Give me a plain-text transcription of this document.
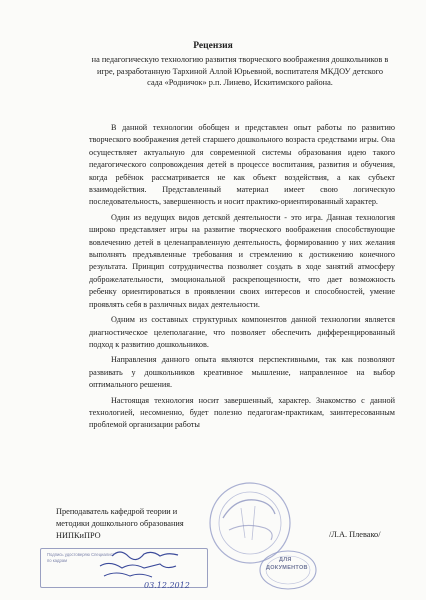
Рецензия
на педагогическую технологию развития творческого воображения дошкольников в игре, разработанную Тархиной Аллой Юрьевной, воспитателя МКДОУ детского сада «Родничок» р.п. Линево, Искитимского района.

В данной технологии обобщен и представлен опыт работы по развитию творческого воображения детей старшего дошкольного возраста средствами игры. Она осуществляет актуальную для современной системы образования идею такого педагогического сопровождения детей в процессе воспитания, развития и обучения, когда ребёнок рассматривается не как объект воздействия, а как субъект взаимодействия. Представленный материал имеет свою логическую последовательность, завершенность и носит практико-ориентированный характер.

Один из ведущих видов детской деятельности - это игра. Данная технология широко представляет игры на развитие творческого воображения способствующие вовлечению детей в целенаправленную деятельность, формированию у них желания выполнять предъявленные требования и стремлению к достижению конечного результата. Принцип сотрудничества позволяет создать в ходе занятий атмосферу доброжелательности, эмоциональной раскрепощенности, что дает возможность ребенку ориентироваться в проявлении своих интересов и способностей, умение проявлять себя в различных видах деятельности.

Одним из составных структурных компонентов данной технологии является диагностическое целеполагание, что позволяет обеспечить дифференцированный подход к развитию дошкольников.

Направления данного опыта являются перспективными, так как позволяют развивать у дошкольников креативное мышление, направленное на выбор оптимального решения.

Настоящая технология носит завершенный, характер. Знакомство с данной технологией, несомненно, будет полезно педагогам-практикам, заинтересованным проблемой организации работы

Преподаватель кафедрой теории и
методики дошкольного образования
НИПКиПРО	/Л.А. Плевако/
Подпись удостоверяю Специалист по кадрам
03.12.2012
ДЛЯ
ДОКУМЕНТОВ
